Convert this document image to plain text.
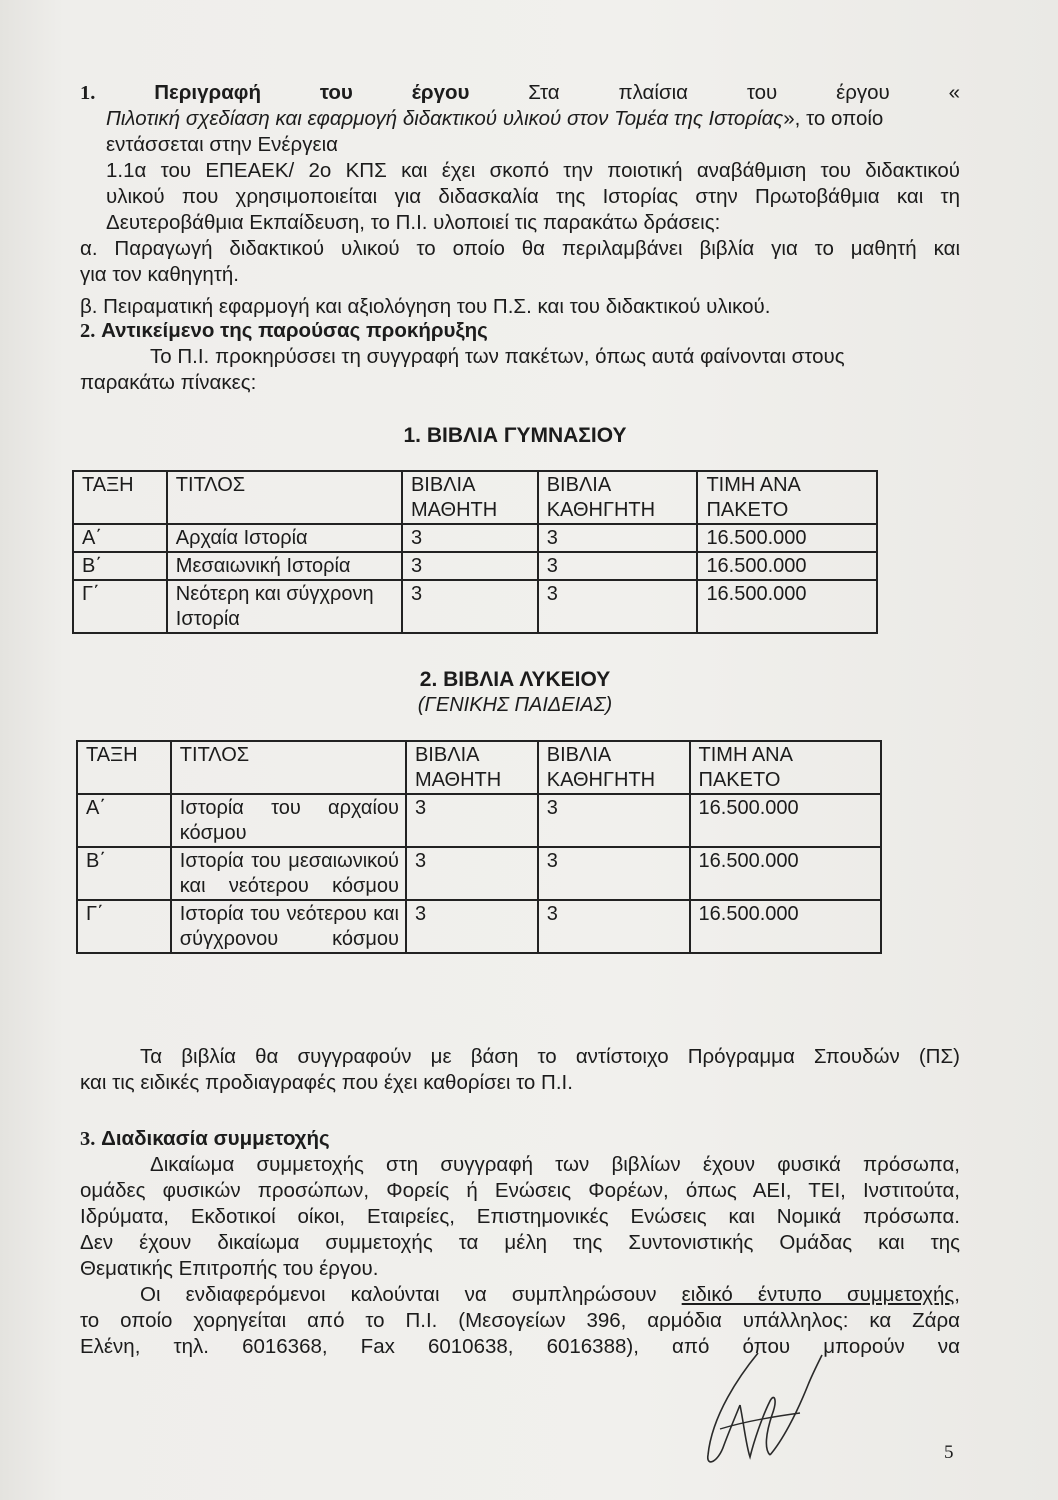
1.	Περιγραφή του έργου	Στα πλαίσια του έργου «

Πιλοτική σχεδίαση και εφαρμογή διδακτικού υλικού στον Τομέα της Ιστορίας», το οποίο εντάσσεται στην Ενέργεια

1.1α του ΕΠΕΑΕΚ/ 2ο ΚΠΣ και έχει σκοπό την ποιοτική αναβάθμιση του διδακτικού

υλικού που χρησιμοποιείται για διδασκαλία της Ιστορίας στην Πρωτοβάθμια και τη

Δευτεροβάθμια Εκπαίδευση, το Π.Ι. υλοποιεί τις παρακάτω δράσεις:

α. Παραγωγή διδακτικού υλικού το οποίο θα περιλαμβάνει βιβλία για το μαθητή και

για τον καθηγητή.

β. Πειραματική εφαρμογή και αξιολόγηση του Π.Σ. και του διδακτικού υλικού.

2. Αντικείμενο της παρούσας προκήρυξης

Το Π.Ι. προκηρύσσει τη συγγραφή των πακέτων, όπως αυτά φαίνονται στους

παρακάτω πίνακες:

1. ΒΙΒΛΙΑ ΓΥΜΝΑΣΙΟΥ
ΤΑΞΗ	ΤΙΤΛΟΣ	ΒΙΒΛΙΑ ΜΑΘΗΤΗ	ΒΙΒΛΙΑ ΚΑΘΗΓΗΤΗ	ΤΙΜΗ ΑΝΑ ΠΑΚΕΤΟ
Α΄	Αρχαία Ιστορία	3	3	16.500.000
Β΄	Μεσαιωνική Ιστορία	3	3	16.500.000
Γ΄	Νεότερη και σύγχρονη Ιστορία	3	3	16.500.000
2. ΒΙΒΛΙΑ ΛΥΚΕΙΟΥ
(ΓΕΝΙΚΗΣ ΠΑΙΔΕΙΑΣ)
ΤΑΞΗ	ΤΙΤΛΟΣ	ΒΙΒΛΙΑ ΜΑΘΗΤΗ	ΒΙΒΛΙΑ ΚΑΘΗΓΗΤΗ	ΤΙΜΗ ΑΝΑ ΠΑΚΕΤΟ
Α΄	Ιστορία του αρχαίου κόσμου	3	3	16.500.000
Β΄	Ιστορία του μεσαιωνικού και νεότερου κόσμου	3	3	16.500.000
Γ΄	Ιστορία του νεότερου και σύγχρονου κόσμου	3	3	16.500.000

Τα βιβλία θα συγγραφούν με βάση το αντίστοιχο Πρόγραμμα Σπουδών (ΠΣ)

και τις ειδικές προδιαγραφές που έχει καθορίσει το Π.Ι.

3. Διαδικασία συμμετοχής

Δικαίωμα συμμετοχής στη συγγραφή των βιβλίων έχουν φυσικά πρόσωπα,

ομάδες φυσικών προσώπων, Φορείς ή Ενώσεις Φορέων, όπως ΑΕΙ, ΤΕΙ, Ινστιτούτα,

Ιδρύματα, Εκδοτικοί οίκοι, Εταιρείες, Επιστημονικές Ενώσεις και Νομικά πρόσωπα.

Δεν έχουν δικαίωμα συμμετοχής τα μέλη της Συντονιστικής Ομάδας και της

Θεματικής Επιτροπής του έργου.

Οι ενδιαφερόμενοι καλούνται να συμπληρώσουν ειδικό έντυπο συμμετοχής,

το οποίο χορηγείται από το Π.Ι. (Μεσογείων 396, αρμόδια υπάλληλος: κα Ζάρα

Ελένη, τηλ. 6016368, Fax 6010638, 6016388), από όπου μπορούν να

5
